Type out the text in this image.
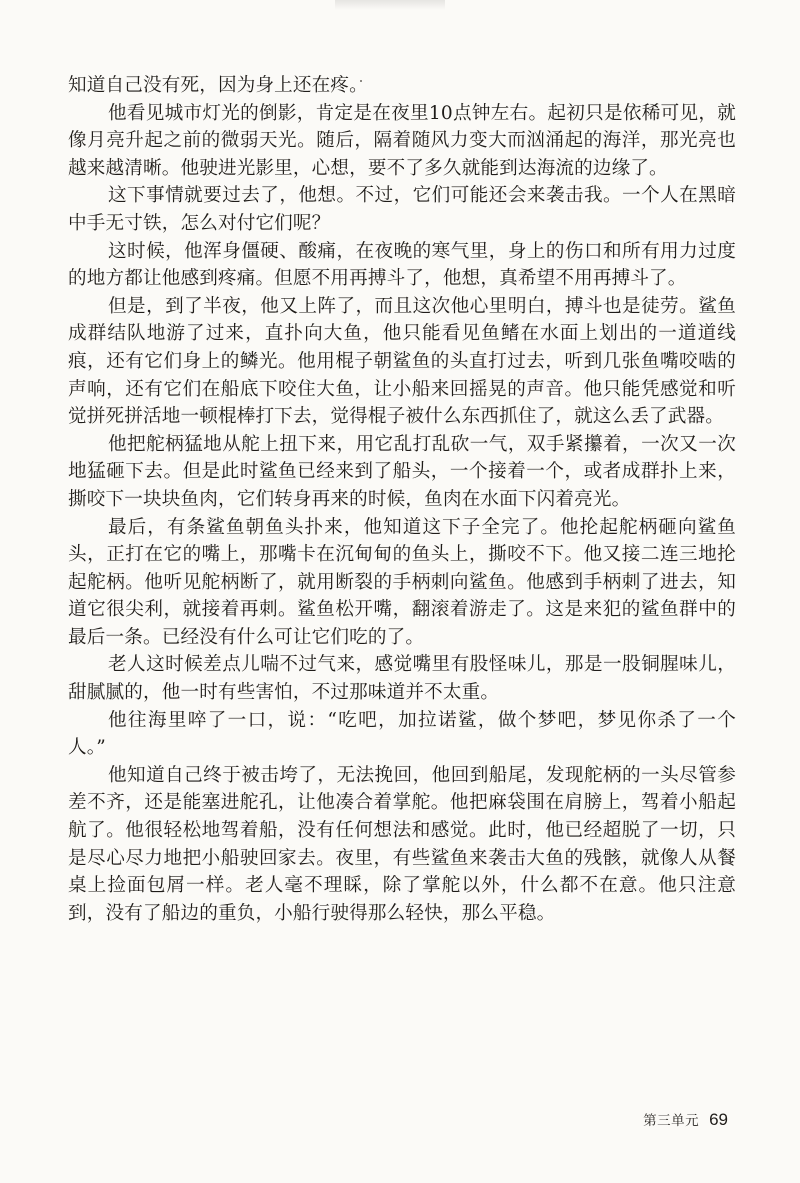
知道自己没有死，因为身上还在疼。

他看见城市灯光的倒影，肯定是在夜里10点钟左右。起初只是依稀可见，就像月亮升起之前的微弱天光。随后，隔着随风力变大而汹涌起的海洋，那光亮也越来越清晰。他驶进光影里，心想，要不了多久就能到达海流的边缘了。

这下事情就要过去了，他想。不过，它们可能还会来袭击我。一个人在黑暗中手无寸铁，怎么对付它们呢？

这时候，他浑身僵硬、酸痛，在夜晚的寒气里，身上的伤口和所有用力过度的地方都让他感到疼痛。但愿不用再搏斗了，他想，真希望不用再搏斗了。

但是，到了半夜，他又上阵了，而且这次他心里明白，搏斗也是徒劳。鲨鱼成群结队地游了过来，直扑向大鱼，他只能看见鱼鳍在水面上划出的一道道线痕，还有它们身上的鳞光。他用棍子朝鲨鱼的头直打过去，听到几张鱼嘴咬啮的声响，还有它们在船底下咬住大鱼，让小船来回摇晃的声音。他只能凭感觉和听觉拼死拼活地一顿棍棒打下去，觉得棍子被什么东西抓住了，就这么丢了武器。

他把舵柄猛地从舵上扭下来，用它乱打乱砍一气，双手紧攥着，一次又一次地猛砸下去。但是此时鲨鱼已经来到了船头，一个接着一个，或者成群扑上来，撕咬下一块块鱼肉，它们转身再来的时候，鱼肉在水面下闪着亮光。

最后，有条鲨鱼朝鱼头扑来，他知道这下子全完了。他抡起舵柄砸向鲨鱼头，正打在它的嘴上，那嘴卡在沉甸甸的鱼头上，撕咬不下。他又接二连三地抡起舵柄。他听见舵柄断了，就用断裂的手柄刺向鲨鱼。他感到手柄刺了进去，知道它很尖利，就接着再刺。鲨鱼松开嘴，翻滚着游走了。这是来犯的鲨鱼群中的最后一条。已经没有什么可让它们吃的了。

老人这时候差点儿喘不过气来，感觉嘴里有股怪味儿，那是一股铜腥味儿，甜腻腻的，他一时有些害怕，不过那味道并不太重。

他往海里啐了一口，说：“吃吧，加拉诺鲨，做个梦吧，梦见你杀了一个人。”

他知道自己终于被击垮了，无法挽回，他回到船尾，发现舵柄的一头尽管参差不齐，还是能塞进舵孔，让他凑合着掌舵。他把麻袋围在肩膀上，驾着小船起航了。他很轻松地驾着船，没有任何想法和感觉。此时，他已经超脱了一切，只是尽心尽力地把小船驶回家去。夜里，有些鲨鱼来袭击大鱼的残骸，就像人从餐桌上捡面包屑一样。老人毫不理睬，除了掌舵以外，什么都不在意。他只注意到，没有了船边的重负，小船行驶得那么轻快，那么平稳。

第三单元 69
